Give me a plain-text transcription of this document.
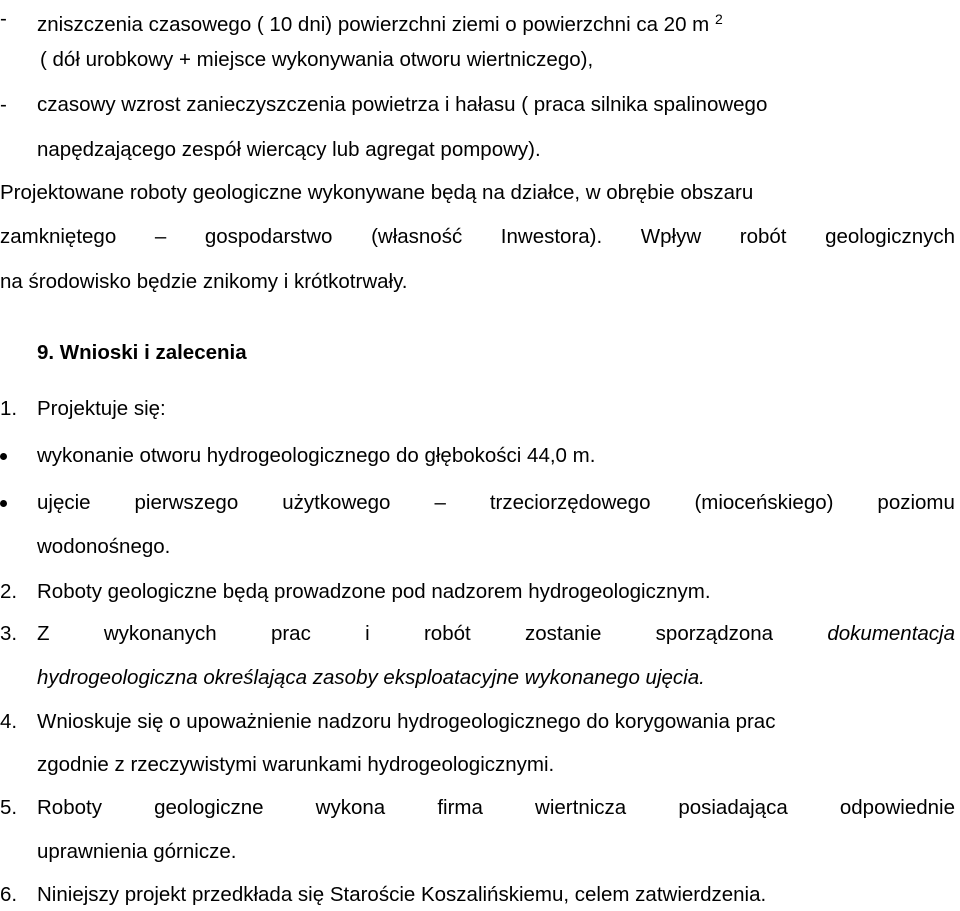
- zniszczenia czasowego ( 10 dni) powierzchni ziemi o powierzchni ca 20 m $^2$
( dół urobkowy + miejsce wykonywania otworu wiertniczego),
- czasowy wzrost zanieczyszczenia powietrza i hałasu ( praca silnika spalinowego
napędzającego zespół wiercący lub agregat pompowy).
Projektowane roboty geologiczne wykonywane będą na działce, w obrębie obszaru
zamkniętego – gospodarstwo (własność Inwestora). Wpływ robót geologicznych
na środowisko będzie znikomy i krótkotrwały.
9. Wnioski i zalecenia
1. Projektuje się:
wykonanie otworu hydrogeologicznego do głębokości 44,0 m.
ujęcie pierwszego użytkowego – trzeciorzędowego (mioceńskiego) poziomu
wodonośnego.
2. Roboty geologiczne będą prowadzone pod nadzorem hydrogeologicznym.
3. Z	wykonanych	prac	i	robót	zostanie	sporządzona	dokumentacja
hydrogeologiczna określająca zasoby eksploatacyjne wykonanego ujęcia.
4. Wnioskuje się o upoważnienie nadzoru hydrogeologicznego do korygowania prac
zgodnie z rzeczywistymi warunkami hydrogeologicznymi.
5. Roboty	geologiczne	wykona	firma	wiertnicza	posiadająca	odpowiednie
uprawnienia górnicze.
6. Niniejszy projekt przedkłada się Staroście Koszalińskiemu, celem zatwierdzenia.
